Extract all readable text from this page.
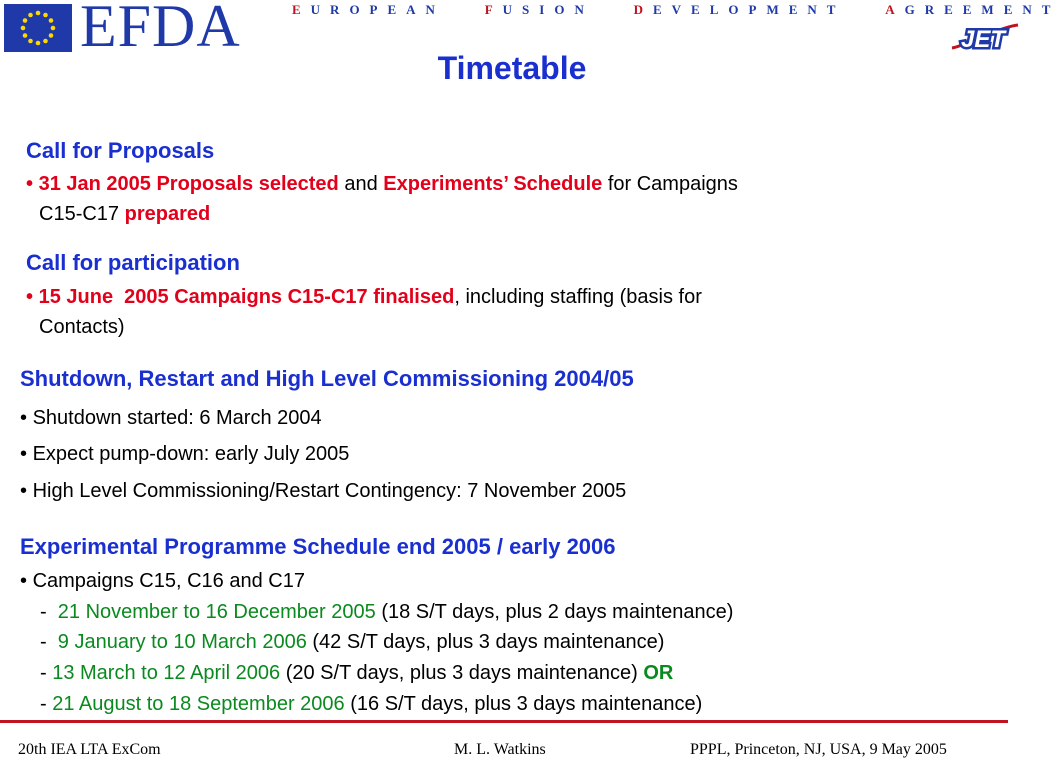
EFDA	EUROPEAN	FUSION	DEVELOPMENT	AGREEMENT
JET
Timetable
Call for Proposals
• 31 Jan 2005 Proposals selected and Experiments’ Schedule for Campaigns
C15-C17 prepared
Call for participation
• 15 June  2005 Campaigns C15-C17 finalised, including staffing (basis for
Contacts)
Shutdown, Restart and High Level Commissioning 2004/05
• Shutdown started: 6 March 2004
• Expect pump-down: early July 2005
• High Level Commissioning/Restart Contingency: 7 November 2005
Experimental Programme Schedule end 2005 / early 2006
• Campaigns C15, C16 and C17
-  21 November to 16 December 2005 (18 S/T days, plus 2 days maintenance)
-  9 January to 10 March 2006 (42 S/T days, plus 3 days maintenance)
- 13 March to 12 April 2006 (20 S/T days, plus 3 days maintenance) OR
- 21 August to 18 September 2006 (16 S/T days, plus 3 days maintenance)
20th IEA LTA ExCom	M. L. Watkins	PPPL, Princeton, NJ, USA, 9 May 2005
